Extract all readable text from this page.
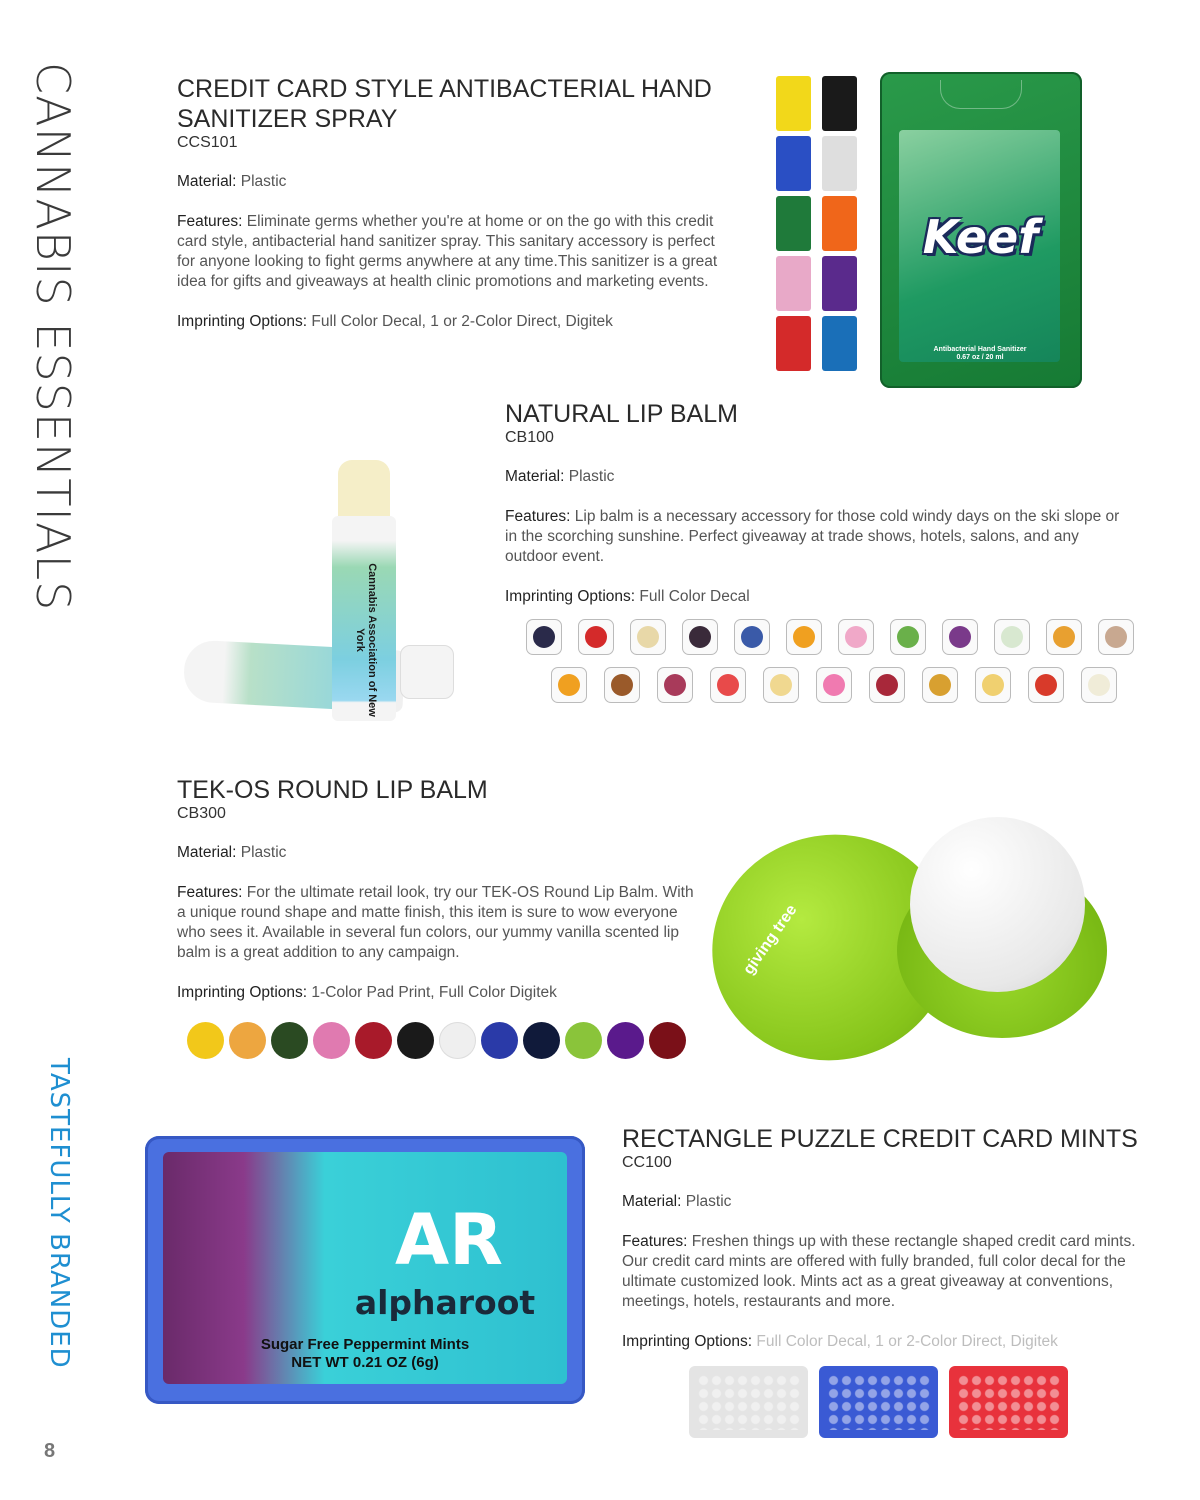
CANNABIS ESSENTIALS
TASTEFULLY BRANDED
8
CREDIT CARD STYLE ANTIBACTERIAL HAND SANITIZER SPRAY
CCS101
Material: Plastic
Features: Eliminate germs whether you're at home or on the go with this credit card style, antibacterial hand sanitizer spray. This sanitary accessory is perfect for anyone looking to fight germs anywhere at any time.This sanitizer is a great idea for gifts and giveaways at health clinic promotions and marketing events.
Imprinting Options: Full Color Decal, 1 or 2-Color Direct, Digitek
Keef
Antibacterial Hand Sanitizer
0.67 oz / 20 ml
NATURAL LIP BALM
CB100
Material: Plastic
Features: Lip balm is a necessary accessory for those cold windy days on the ski slope or in the scorching sunshine. Perfect giveaway at trade shows, hotels, salons, and any outdoor event.
Imprinting Options: Full Color Decal
Cannabis Association of New York
TEK-OS ROUND LIP BALM
CB300
Material: Plastic
Features: For the ultimate retail look, try our TEK-OS Round Lip Balm. With a unique round shape and matte finish, this item is sure to wow everyone who sees it. Available in several fun colors, our yummy vanilla scented lip balm is a great addition to any campaign.
Imprinting Options: 1-Color Pad Print, Full Color Digitek
giving tree
AR
alpharoot
Sugar Free Peppermint Mints
NET WT 0.21 OZ (6g)
RECTANGLE PUZZLE CREDIT CARD MINTS
CC100
Material: Plastic
Features: Freshen things up with these rectangle shaped credit card mints. Our credit card mints are offered with fully branded, full color decal for the ultimate customized look. Mints act as a great giveaway at conventions, meetings, hotels, restaurants and more.
Imprinting Options: Full Color Decal, 1 or 2-Color Direct, Digitek
